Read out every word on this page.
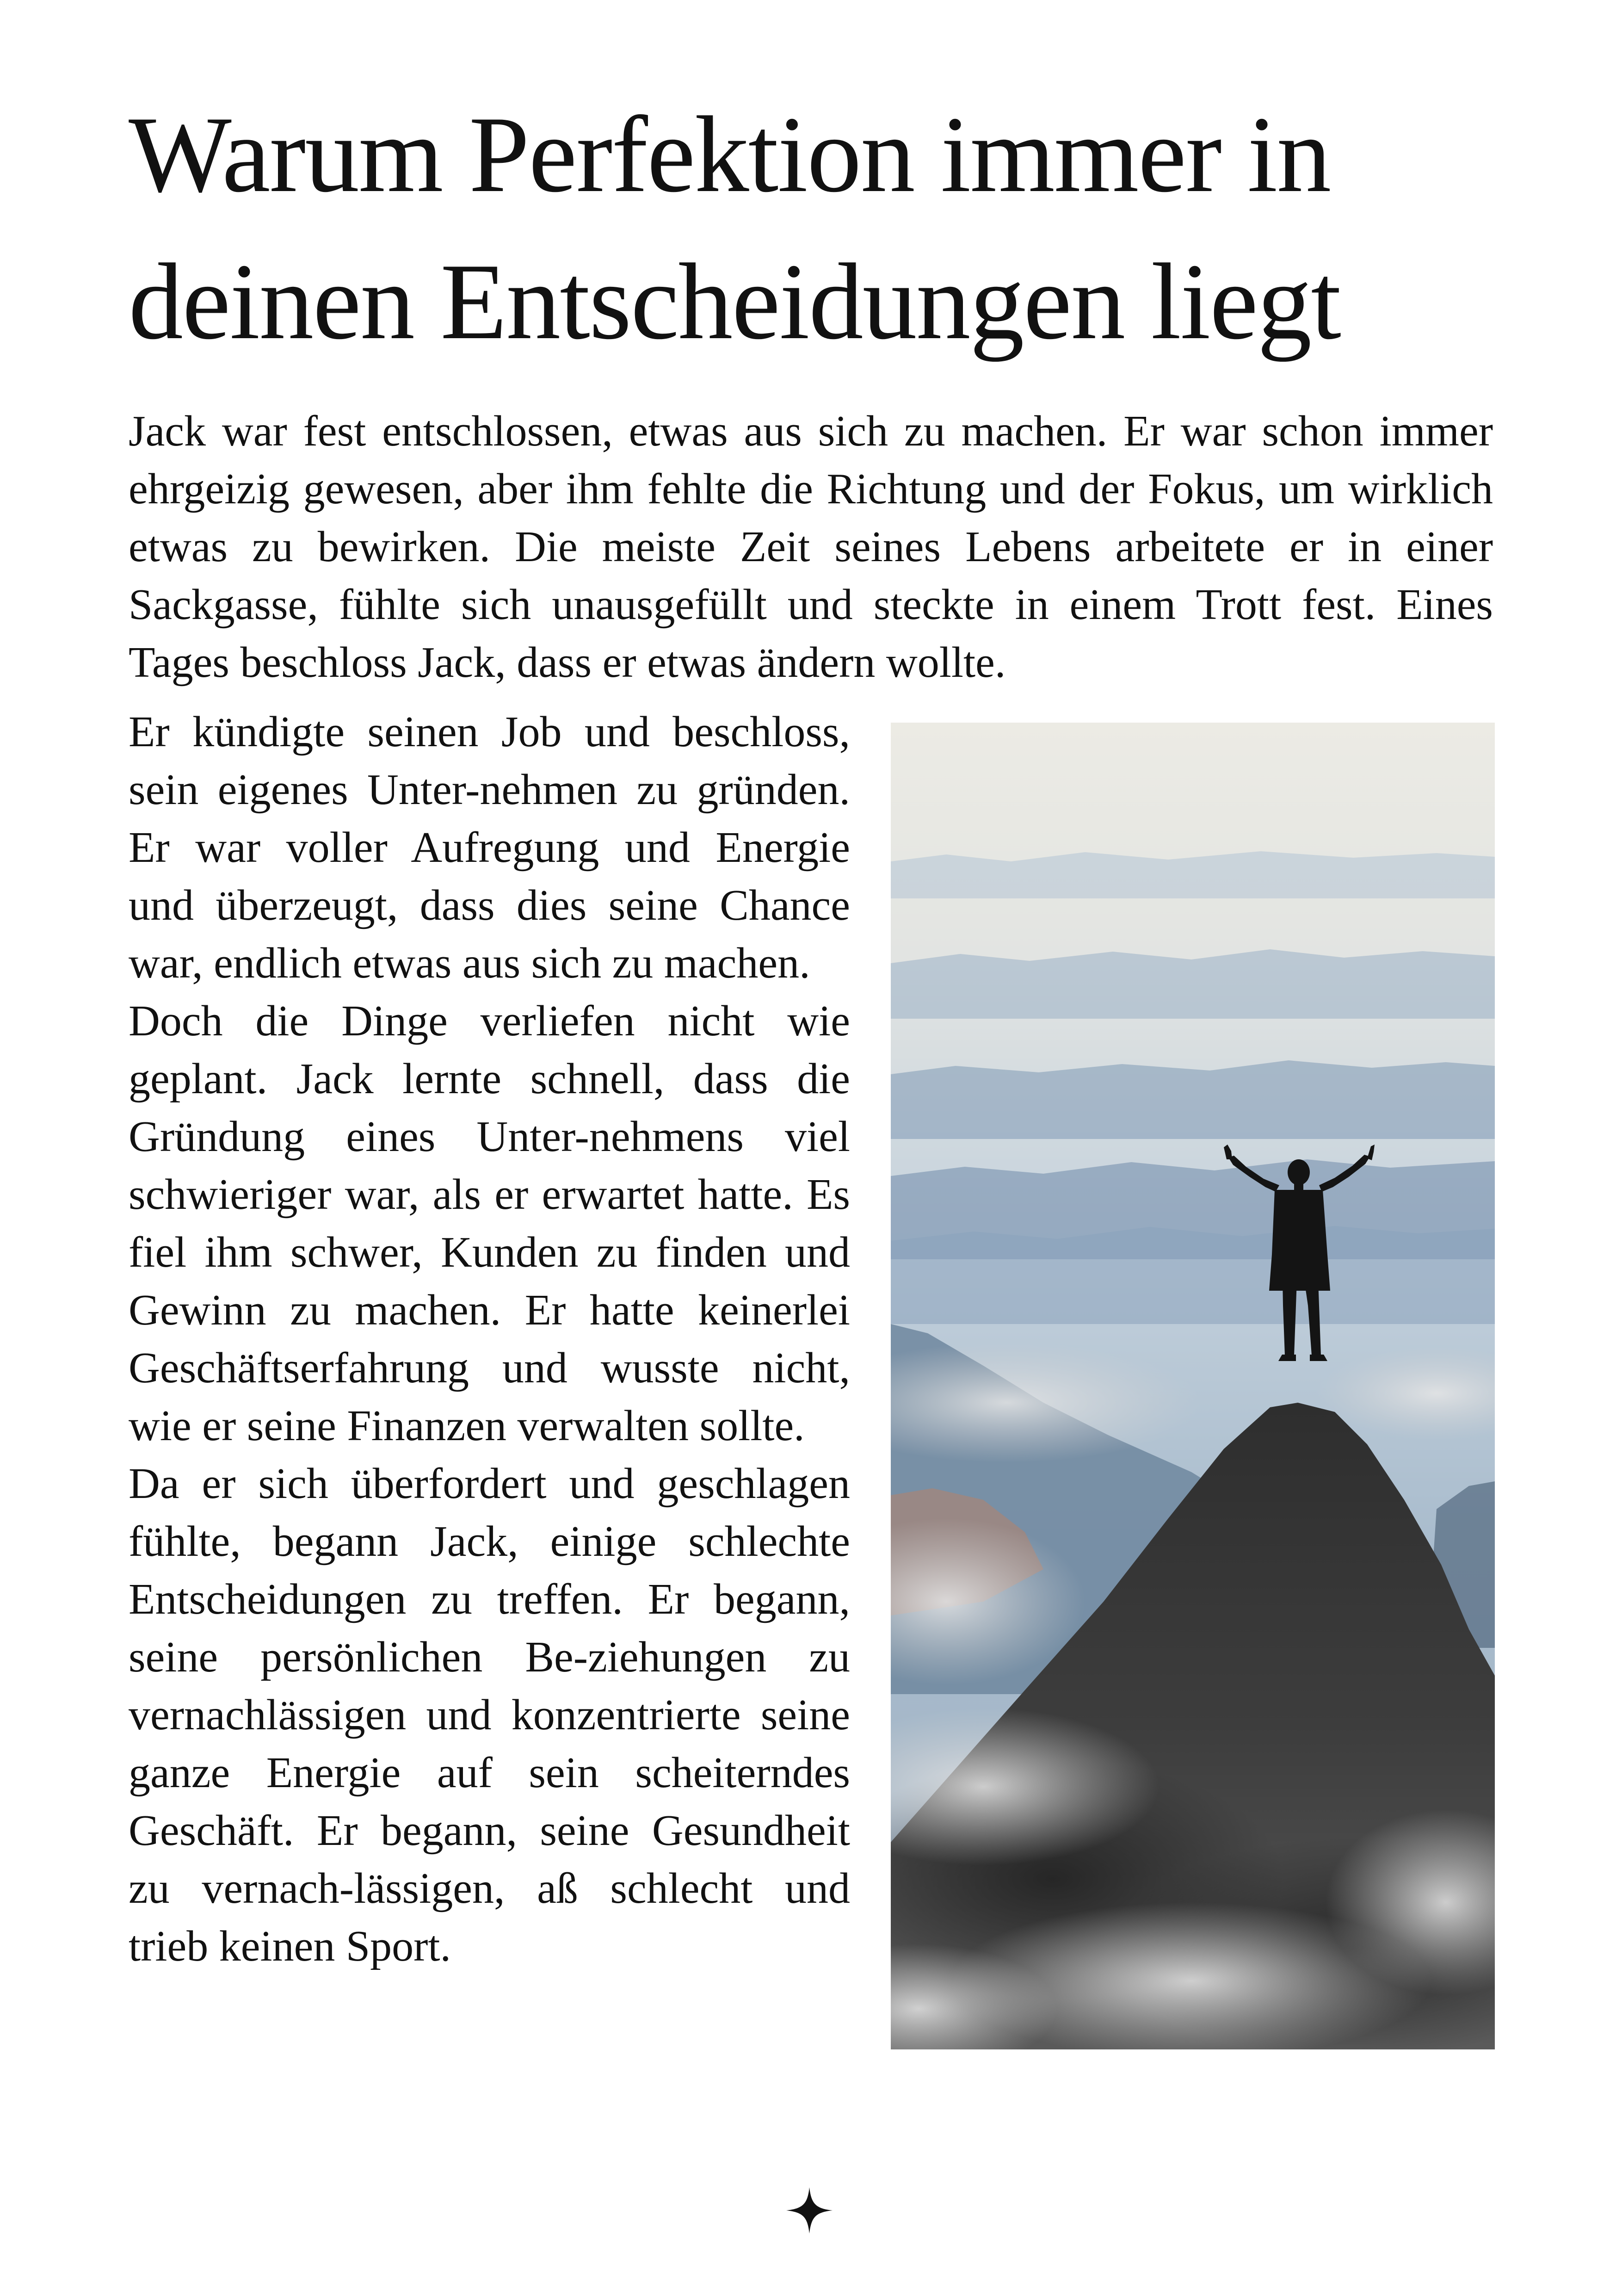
Warum Perfektion immer in
deinen Entscheidungen liegt

Jack war fest entschlossen, etwas aus sich zu machen. Er war schon immer ehrgeizig gewesen, aber ihm fehlte die Richtung und der Fokus, um wirklich etwas zu bewirken. Die meiste Zeit seines Lebens arbeitete er in einer Sackgasse, fühlte sich unausgefüllt und steckte in einem Trott fest. Eines Tages beschloss Jack, dass er etwas ändern wollte.

Er kündigte seinen Job und beschloss, sein eigenes Unter-nehmen zu gründen. Er war voller Aufregung und Energie und überzeugt, dass dies seine Chance war, endlich etwas aus sich zu machen.

Doch die Dinge verliefen nicht wie geplant. Jack lernte schnell, dass die Gründung eines Unter-nehmens viel schwieriger war, als er erwartet hatte. Es fiel ihm schwer, Kunden zu finden und Gewinn zu machen. Er hatte keinerlei Geschäftserfahrung und wusste nicht, wie er seine Finanzen verwalten sollte.

Da er sich überfordert und geschlagen fühlte, begann Jack, einige schlechte Entscheidungen zu treffen. Er begann, seine persönlichen Be-ziehungen zu vernachlässigen und konzentrierte seine ganze Energie auf sein scheiterndes Geschäft. Er begann, seine Gesundheit zu vernach-lässigen, aß schlecht und trieb keinen Sport.
